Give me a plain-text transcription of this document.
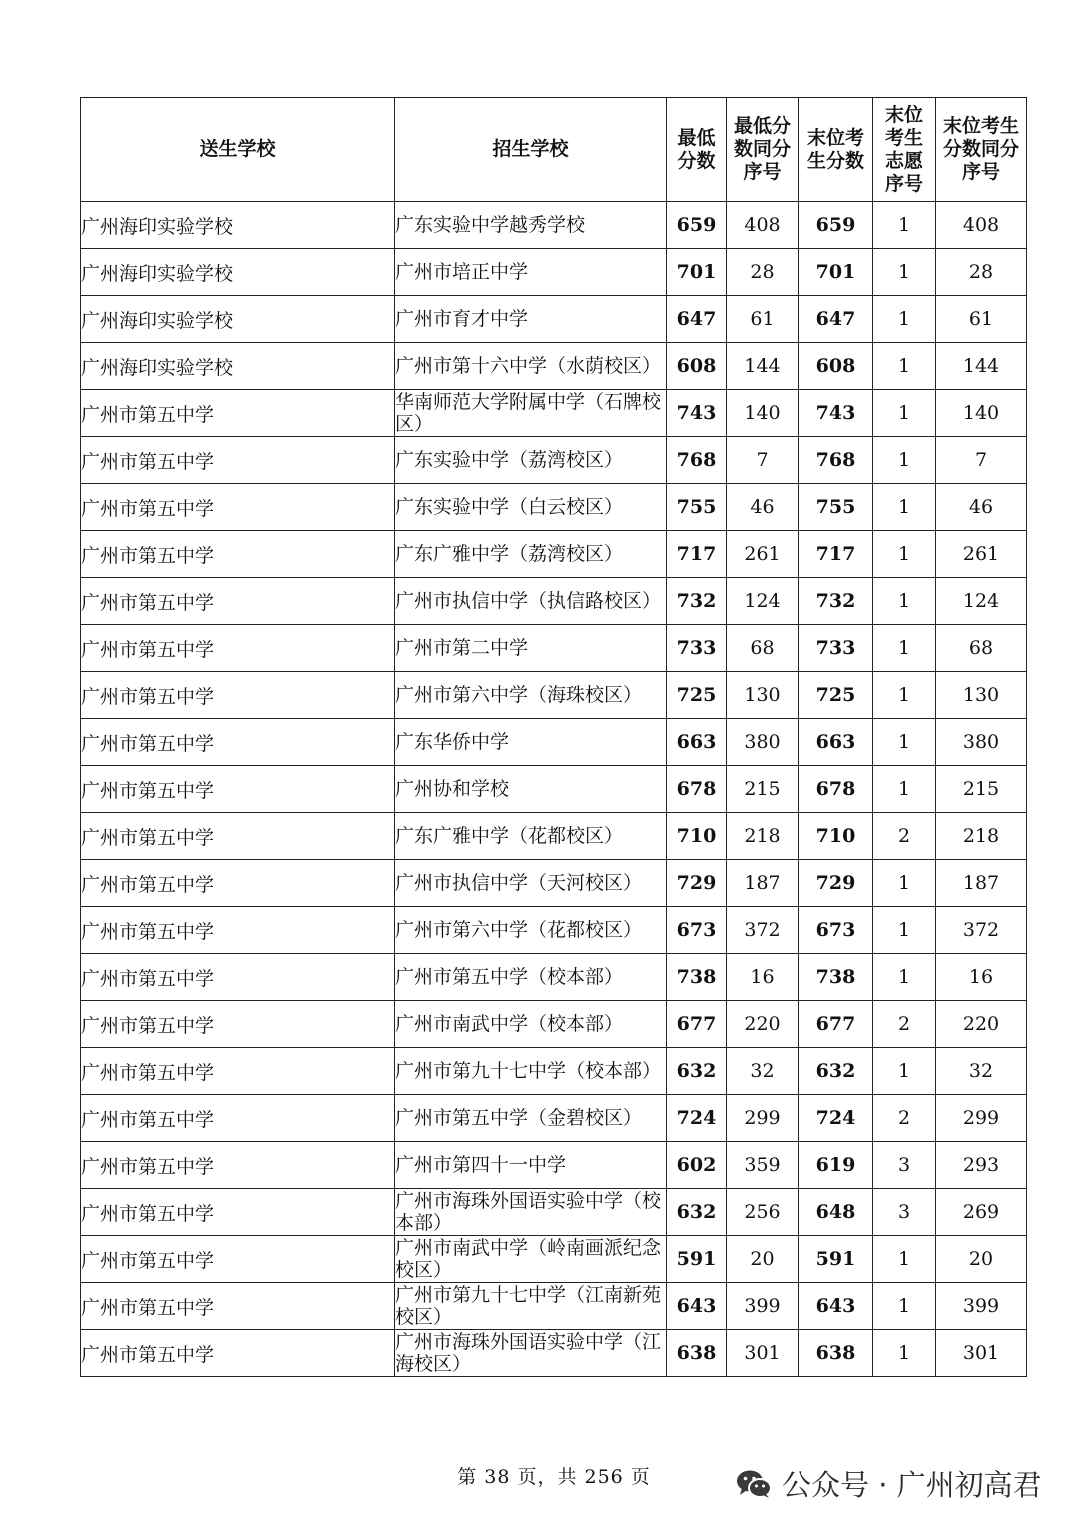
送生学校	招生学校	最低分数	最低分数同分序号	末位考生分数	末位考生志愿序号	末位考生分数同分序号
广州海印实验学校	广东实验中学越秀学校	659	408	659	1	408
广州海印实验学校	广州市培正中学	701	28	701	1	28
广州海印实验学校	广州市育才中学	647	61	647	1	61
广州海印实验学校	广州市第十六中学（水荫校区）	608	144	608	1	144
广州市第五中学	华南师范大学附属中学（石牌校区）	743	140	743	1	140
广州市第五中学	广东实验中学（荔湾校区）	768	7	768	1	7
广州市第五中学	广东实验中学（白云校区）	755	46	755	1	46
广州市第五中学	广东广雅中学（荔湾校区）	717	261	717	1	261
广州市第五中学	广州市执信中学（执信路校区）	732	124	732	1	124
广州市第五中学	广州市第二中学	733	68	733	1	68
广州市第五中学	广州市第六中学（海珠校区）	725	130	725	1	130
广州市第五中学	广东华侨中学	663	380	663	1	380
广州市第五中学	广州协和学校	678	215	678	1	215
广州市第五中学	广东广雅中学（花都校区）	710	218	710	2	218
广州市第五中学	广州市执信中学（天河校区）	729	187	729	1	187
广州市第五中学	广州市第六中学（花都校区）	673	372	673	1	372
广州市第五中学	广州市第五中学（校本部）	738	16	738	1	16
广州市第五中学	广州市南武中学（校本部）	677	220	677	2	220
广州市第五中学	广州市第九十七中学（校本部）	632	32	632	1	32
广州市第五中学	广州市第五中学（金碧校区）	724	299	724	2	299
广州市第五中学	广州市第四十一中学	602	359	619	3	293
广州市第五中学	广州市海珠外国语实验中学（校本部）	632	256	648	3	269
广州市第五中学	广州市南武中学（岭南画派纪念校区）	591	20	591	1	20
广州市第五中学	广州市第九十七中学（江南新苑校区）	643	399	643	1	399
广州市第五中学	广州市海珠外国语实验中学（江海校区）	638	301	638	1	301
第 38 页，共 256 页	公众号 · 广州初高君
